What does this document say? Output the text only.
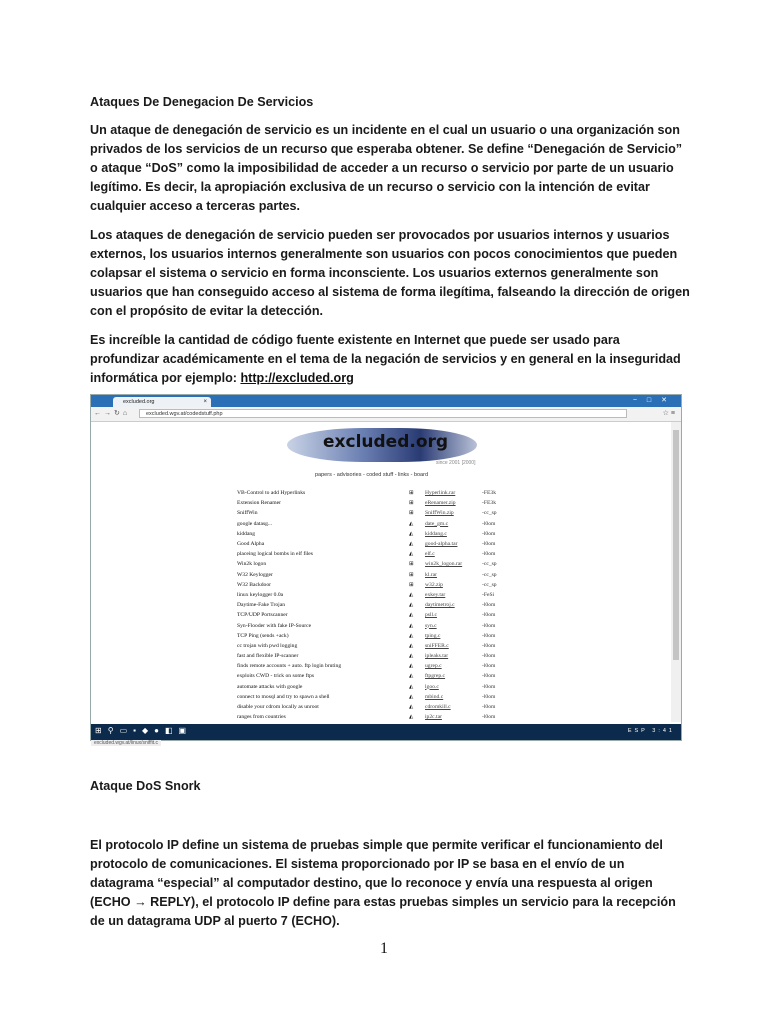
Ataques De Denegacion De Servicios

Un ataque de denegación de servicio es un incidente en el cual un usuario o una organización son privados de los servicios de un recurso que esperaba obtener. Se define “Denegación de Servicio” o ataque “DoS” como la imposibilidad de acceder a un recurso o servicio por parte de un usuario legítimo. Es decir, la apropiación exclusiva de un recurso o servicio con la intención de evitar cualquier acceso a terceras partes.

Los ataques de denegación de servicio pueden ser provocados por usuarios internos y usuarios externos, los usuarios internos generalmente son usuarios con pocos conocimientos que pueden colapsar el sistema o servicio en forma inconsciente. Los usuarios externos generalmente son usuarios que han conseguido acceso al sistema de forma ilegítima, falseando la dirección de origen con el propósito de evitar la detección.

Es increíble la cantidad de código fuente existente en Internet que puede ser usado para profundizar académicamente en el tema de la negación de servicios y en general en la inseguridad informática por ejemplo: http://excluded.org

excluded.org	×	−□✕
←→↻⌂	excluded.wgv.at/codedstuff.php	☆≡
excluded.org
since 2001 [2000]
papers - advisories - coded stuff - links - board
VB-Control to add Hyperlinks	⊞	Hyperlink.rar	-FE3k
Extension Renamer	⊞	eRenamer.zip	-FE3k
SniffWin	⊞	SniffWin.zip	-cc_sp
google datasg...	◭	date_gm.c	-l0om
kiddang	◭	kiddang.c	-l0om
Good Alpha	◭	good-alpha.tar	-l0om
placeing logical bombs in elf files	◭	elf.c	-l0om
Win2k logon	⊞	win2k_logon.rar	-cc_sp
W32 Keylogger	⊞	kl.rar	-cc_sp
W32 Backdoor	⊞	w32.zip	-cc_sp
linux keylogger 0.0a	◭	exkey.tar	-FeSi
Daytime-Fake Trojan	◭	daytimetroj.c	-l0om
TCP/UDP Portscanner	◭	psll.c	-l0om
Syn-Flooder with fake IP-Source	◭	syn.c	-l0om
TCP Ping (sends +ack)	◭	tping.c	-l0om
cc trojan with pwd logging	◭	sniFFER.c	-l0om
fast and flexible IP-scanner	◭	ipleaks.tar	-l0om
finds remote accounts + auto. ftp login bruting	◭	ugrep.c	-l0om
exploits CWD - trick on some ftps	◭	ftpgrep.c	-l0om
automate attacks with google	◭	lgoo.c	-l0om
connect to mosql and try to spawn a shell	◭	mbind.c	-l0om
disable your cdrom locally as unroot	◭	cdromkill.c	-l0om
ranges from countries	◭	ip2c.tar	-l0om
excluded.wgv.at/linux/sniffit.c
⊞⚲▭▪◆●◧▣	ESP 3:41
Ataque DoS Snork

El protocolo IP define un sistema de pruebas simple que permite verificar el funcionamiento del protocolo de comunicaciones. El sistema proporcionado por IP se basa en el envío de un datagrama “especial” al computador destino, que lo reconoce y envía una respuesta al origen (ECHO → REPLY), el protocolo IP define para estas pruebas simples un servicio para la recepción de un datagrama UDP al puerto 7 (ECHO).

1
